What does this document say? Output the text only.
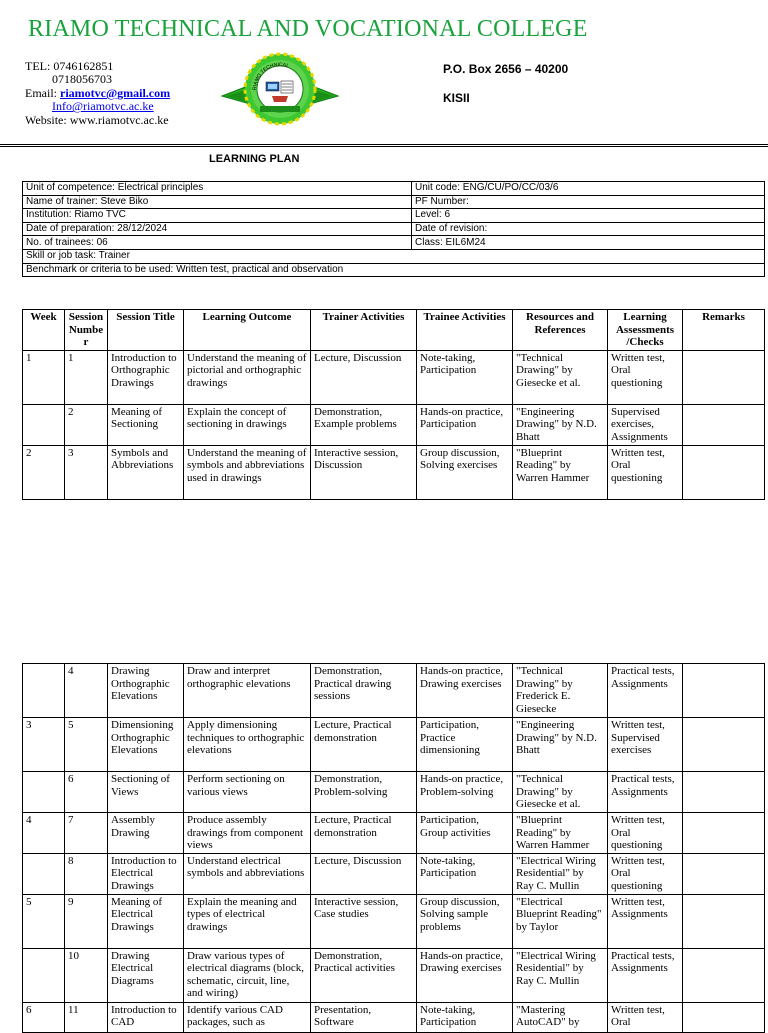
RIAMO TECHNICAL AND VOCATIONAL COLLEGE
TEL: 0746162851
0718056703
Email: riamotvc@gmail.com
Info@riamotvc.ac.ke
Website: www.riamotvc.ac.ke
RIAMO TECHNICAL	P.O. Box 2656 – 40200
KISII
LEARNING PLAN
Unit of competence: Electrical principles	Unit code: ENG/CU/PO/CC/03/6
Name of trainer: Steve Biko	PF Number:
Institution: Riamo TVC	Level: 6
Date of preparation: 28/12/2024	Date of revision:
No. of trainees: 06	Class: EIL6M24
Skill or job task: Trainer	
Benchmark or criteria to be used: Written test, practical and observation	
Week	Session Number	Session Title	Learning Outcome	Trainer Activities	Trainee Activities	Resources and References	Learning Assessments /Checks	Remarks
1	1	Introduction to Orthographic Drawings	Understand the meaning of pictorial and orthographic drawings	Lecture, Discussion	Note-taking, Participation	"Technical Drawing" by Giesecke et al.	Written test, Oral questioning	
	2	Meaning of Sectioning	Explain the concept of sectioning in drawings	Demonstration, Example problems	Hands-on practice, Participation	"Engineering Drawing" by N.D. Bhatt	Supervised exercises, Assignments	
2	3	Symbols and Abbreviations	Understand the meaning of symbols and abbreviations used in drawings	Interactive session, Discussion	Group discussion, Solving exercises	"Blueprint Reading" by Warren Hammer	Written test, Oral questioning	
	4	Drawing Orthographic Elevations	Draw and interpret orthographic elevations	Demonstration, Practical drawing sessions	Hands-on practice, Drawing exercises	"Technical Drawing" by Frederick E. Giesecke	Practical tests, Assignments	
3	5	Dimensioning Orthographic Elevations	Apply dimensioning techniques to orthographic elevations	Lecture, Practical demonstration	Participation, Practice dimensioning	"Engineering Drawing" by N.D. Bhatt	Written test, Supervised exercises	
	6	Sectioning of Views	Perform sectioning on various views	Demonstration, Problem-solving	Hands-on practice, Problem-solving	"Technical Drawing" by Giesecke et al.	Practical tests, Assignments	
4	7	Assembly Drawing	Produce assembly drawings from component views	Lecture, Practical demonstration	Participation, Group activities	"Blueprint Reading" by Warren Hammer	Written test, Oral questioning	
	8	Introduction to Electrical Drawings	Understand electrical symbols and abbreviations	Lecture, Discussion	Note-taking, Participation	"Electrical Wiring Residential" by Ray C. Mullin	Written test, Oral questioning	
5	9	Meaning of Electrical Drawings	Explain the meaning and types of electrical drawings	Interactive session, Case studies	Group discussion, Solving sample problems	"Electrical Blueprint Reading" by Taylor	Written test, Assignments	
	10	Drawing Electrical Diagrams	Draw various types of electrical diagrams (block, schematic, circuit, line, and wiring)	Demonstration, Practical activities	Hands-on practice, Drawing exercises	"Electrical Wiring Residential" by Ray C. Mullin	Practical tests, Assignments	
6	11	Introduction to CAD	Identify various CAD packages, such as	Presentation, Software	Note-taking, Participation	"Mastering AutoCAD" by	Written test, Oral	
